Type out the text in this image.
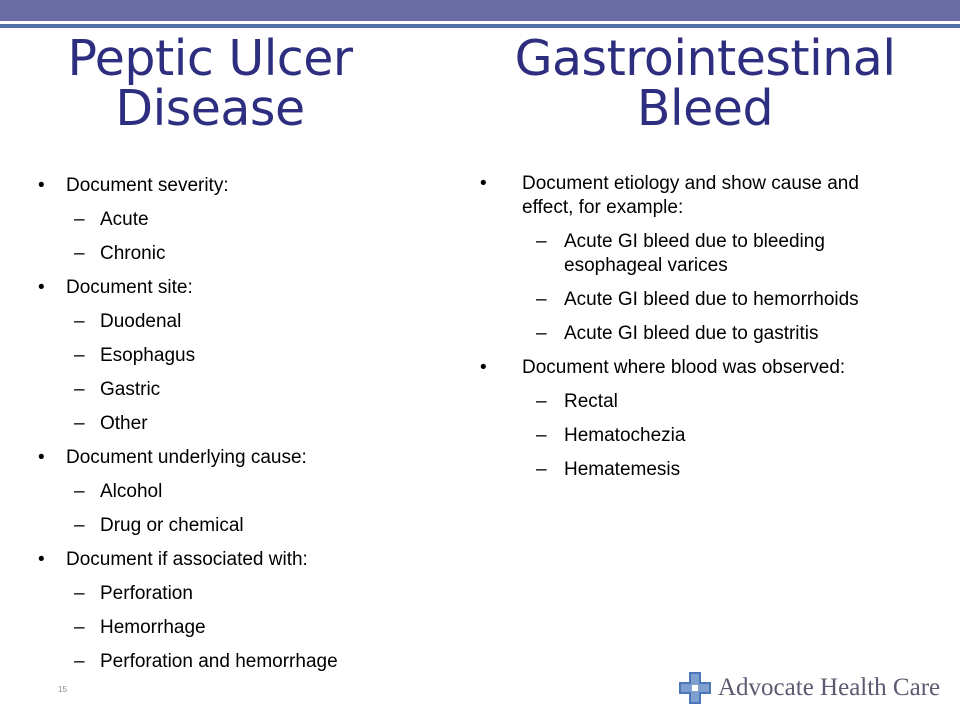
Peptic Ulcer
Disease
Gastrointestinal
Bleed
•	Document severity:
– Acute
– Chronic
•	Document site:
– Duodenal
– Esophagus
– Gastric
– Other
•	Document underlying cause:
– Alcohol
– Drug or chemical
•	Document if associated with:
– Perforation
– Hemorrhage
– Perforation and hemorrhage
•	Document etiology and show cause and effect, for example:
– Acute GI bleed due to bleeding esophageal varices
– Acute GI bleed due to hemorrhoids
– Acute GI bleed due to gastritis
•	Document where blood was observed:
– Rectal
– Hematochezia
– Hematemesis
15	Advocate Health Care
